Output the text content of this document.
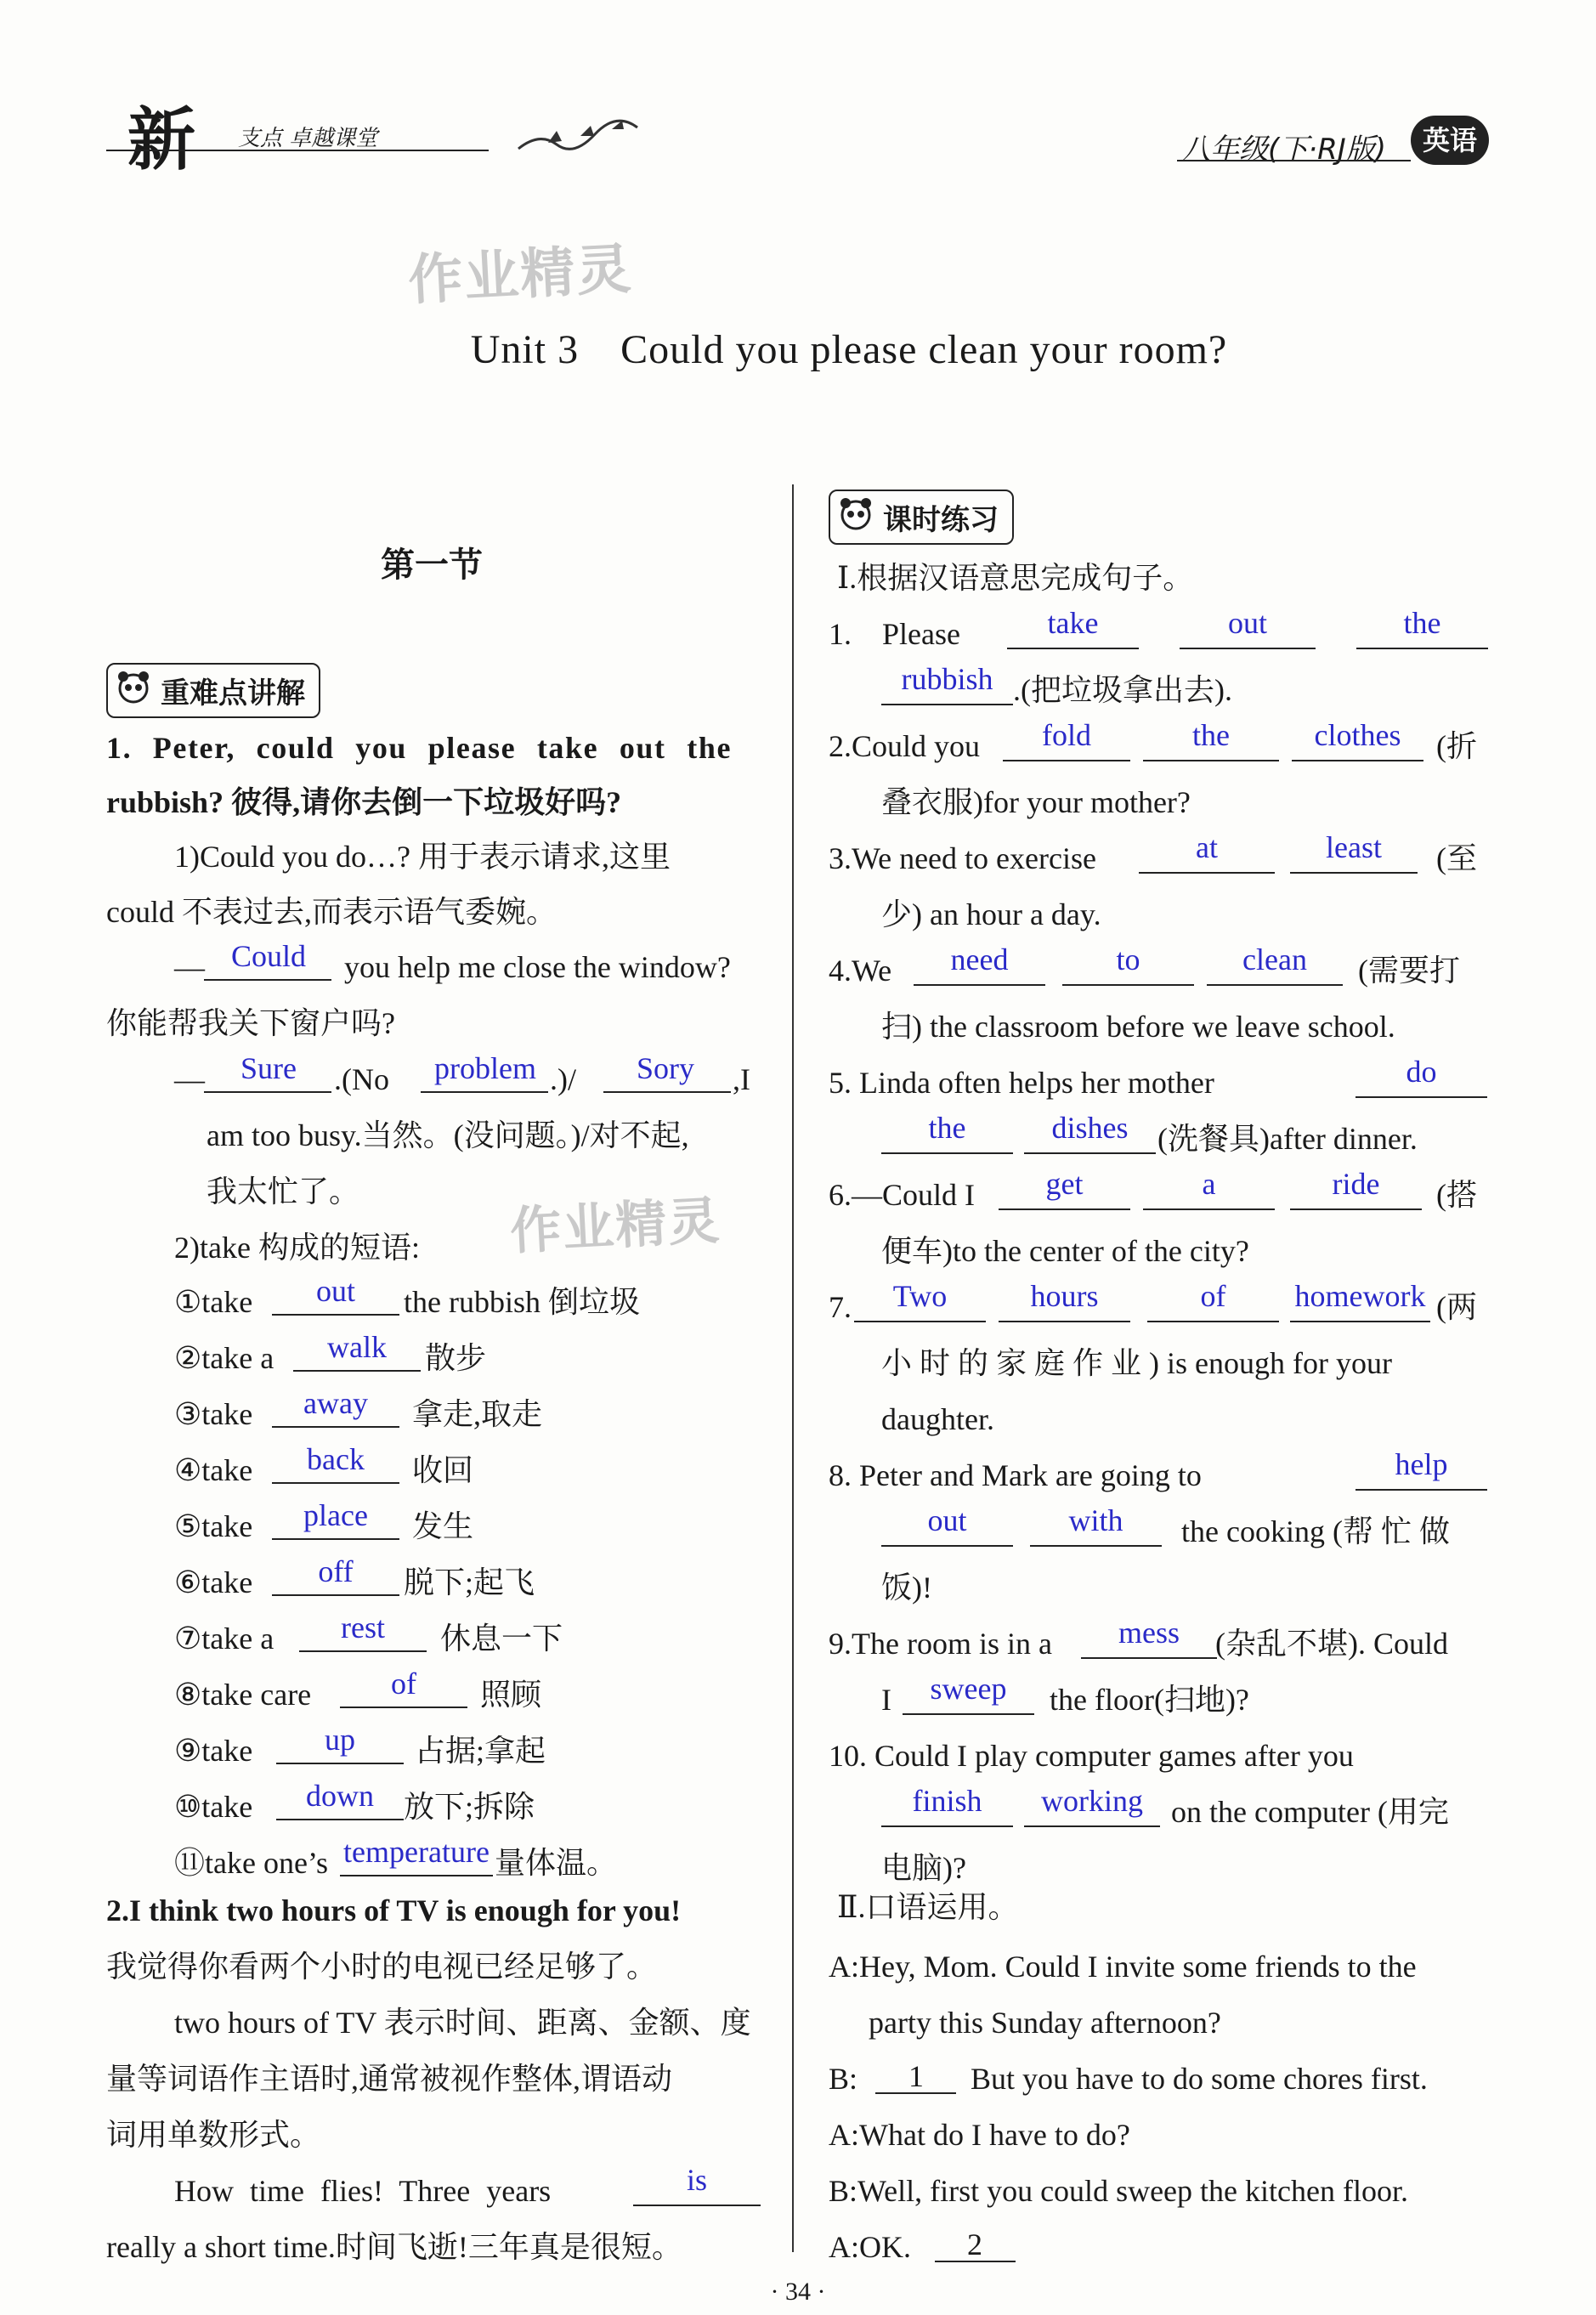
新 支点 卓越课堂	八年级(下·RJ版)	英语
作业精灵
作业精灵
Unit 3　Could you please clean your room?
第一节
重难点讲解
1. Peter, could you please take out the
rubbish? 彼得,请你去倒一下垃圾好吗?
1)Could you do…? 用于表示请求,这里
could 不表过去,而表示语气委婉。
— Could you help me close the window?
你能帮我关下窗户吗?
— Sure .(No problem .)/ Sory ,I
am too busy.当然。(没问题。)/对不起,
我太忙了。
2)take 构成的短语:
①take out the rubbish 倒垃圾
②take a walk 散步
③take away 拿走,取走
④take back 收回
⑤take place 发生
⑥take off 脱下;起飞
⑦take a rest 休息一下
⑧take care	of 照顾
⑨take up 占据;拿起
⑩take down 放下;拆除
⑪take one’s temperature 量体温。
2.I think two hours of TV is enough for you!
我觉得你看两个小时的电视已经足够了。
two hours of TV 表示时间、距离、金额、度
量等词语作主语时,通常被视作整体,谓语动
词用单数形式。
How time flies! Three years	is
really a short time.时间飞逝!三年真是很短。
课时练习
Ⅰ.根据汉语意思完成句子。
1.　Please	take	out	the
rubbish .(把垃圾拿出去).
2.Could you fold	the	clothes (折
叠衣服)for your mother?
3.We need to exercise	at	least (至
少) an hour a day.
4.We need	to	clean (需要打
扫) the classroom before we leave school.
5. Linda often helps her mother	do
the	dishes (洗餐具)after dinner.
6.—Could I get	a	ride (搭
便车)to the center of the city?
7. Two	hours	of homework (两
小 时 的 家 庭 作 业 ) is enough for your
daughter.
8. Peter and Mark are going to	help
out	with the cooking (帮 忙 做
饭)!
9.The room is in a mess (杂乱不堪). Could
I sweep the floor(扫地)?
10. Could I play computer games after you
finish working on the computer (用完
电脑)?
Ⅱ.口语运用。
A:Hey, Mom. Could I invite some friends to the
party this Sunday afternoon?
B: 1 But you have to do some chores first.
A:What do I have to do?
B:Well, first you could sweep the kitchen floor.
A:OK. 2
· 34 ·
